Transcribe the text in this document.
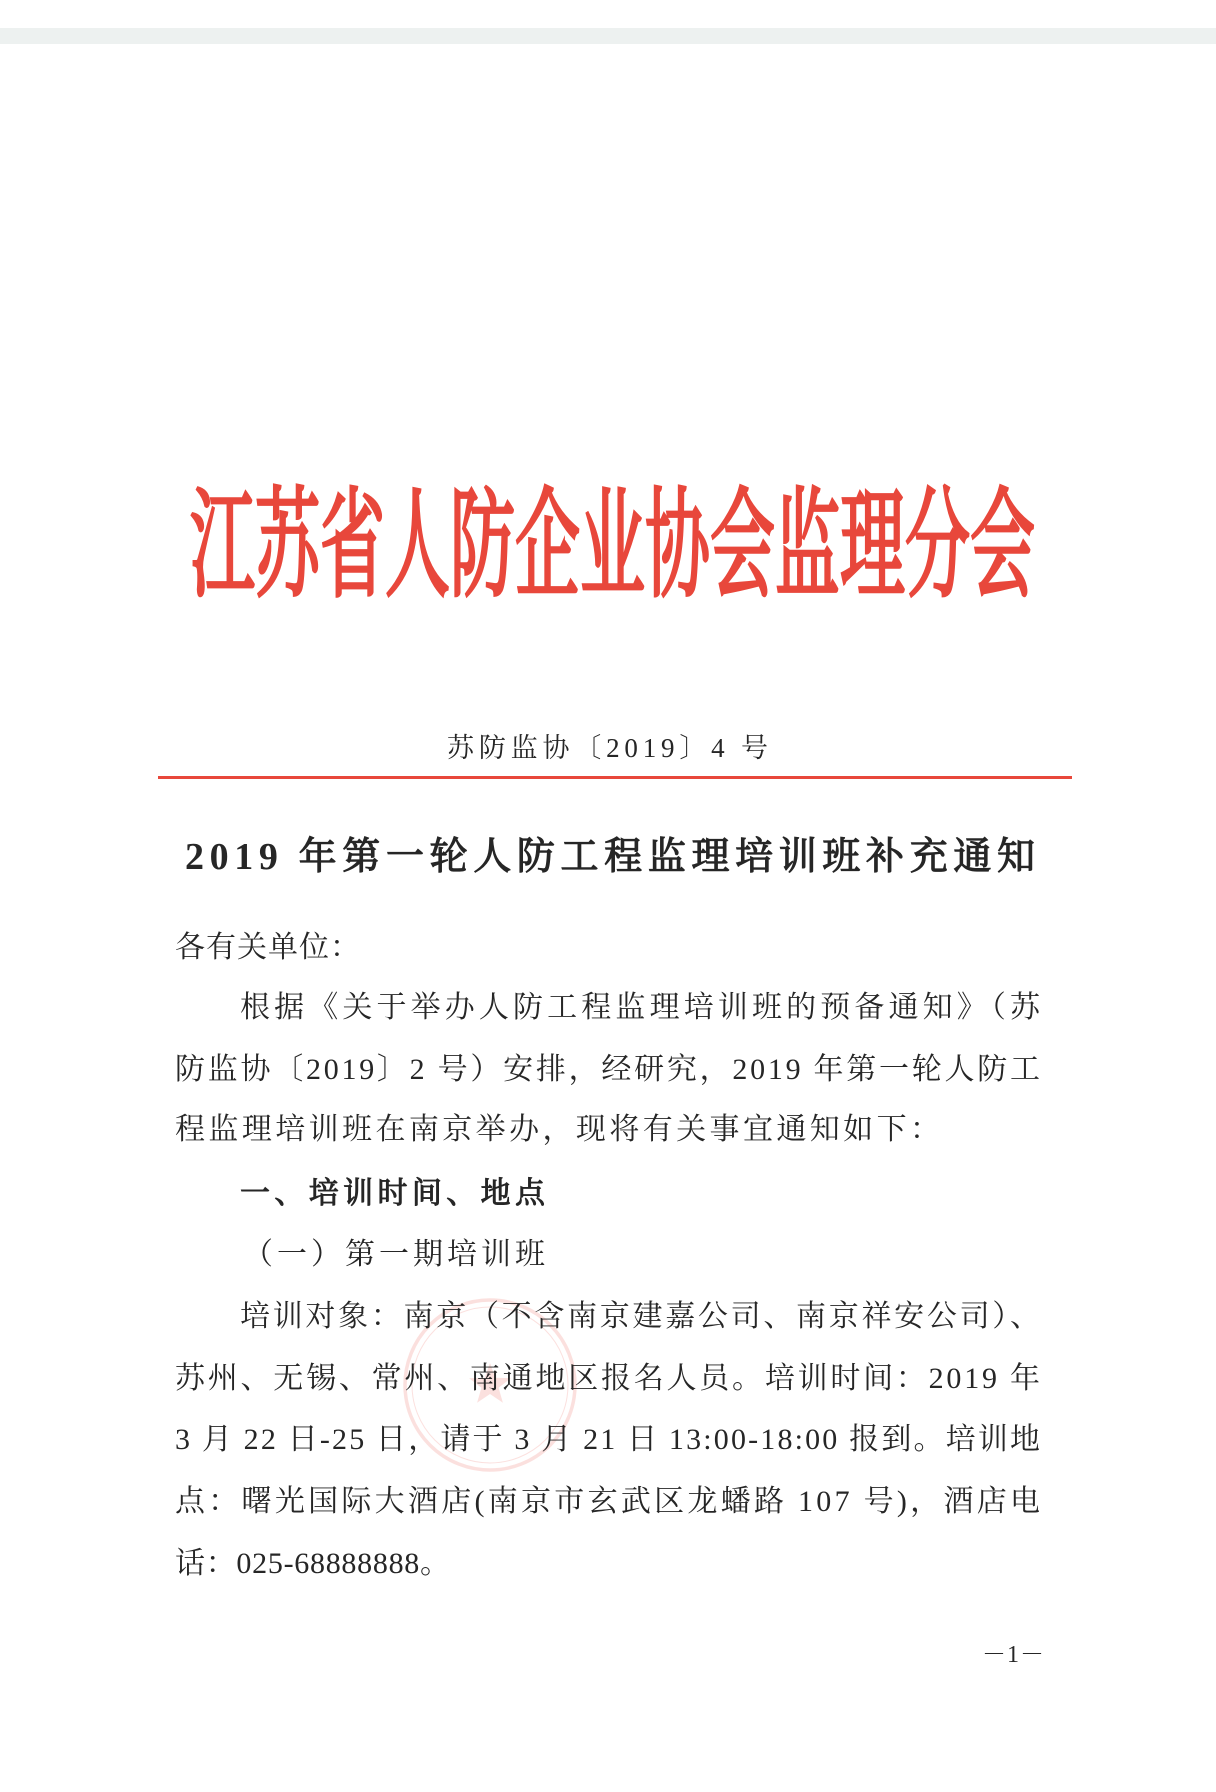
江苏省人防企业协会监理分会
苏防监协〔2019〕4 号
2019 年第一轮人防工程监理培训班补充通知
各有关单位：
根据《关于举办人防工程监理培训班的预备通知》（苏
防监协〔2019〕2 号）安排，经研究，2019 年第一轮人防工
程监理培训班在南京举办，现将有关事宜通知如下：
一、培训时间、地点
（一）第一期培训班
培训对象：南京（不含南京建嘉公司、南京祥安公司）、
苏州、无锡、常州、南通地区报名人员。培训时间：2019 年
3 月 22 日-25 日，请于 3 月 21 日 13:00-18:00 报到。培训地
点：曙光国际大酒店(南京市玄武区龙蟠路 107 号)，酒店电
话：025-68888888。
－1－
